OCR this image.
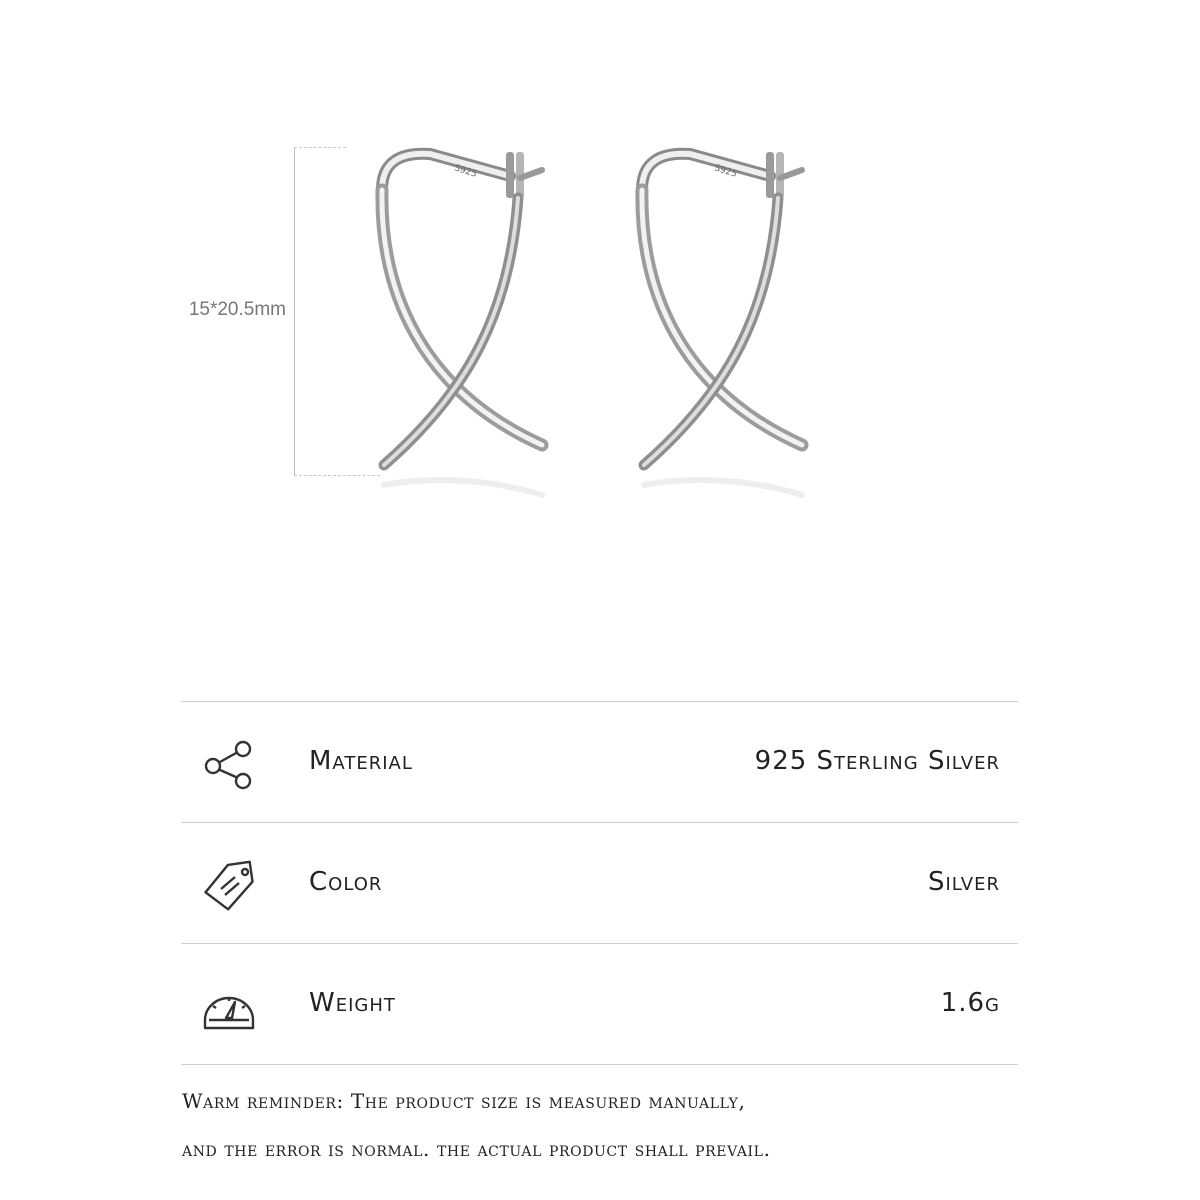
15*20.5mm
S925	S925
Material	925 Sterling Silver
Color	Silver
Weight	1.6g
Warm reminder: The product size is measured manually,
and the error is normal. the actual product shall prevail.
